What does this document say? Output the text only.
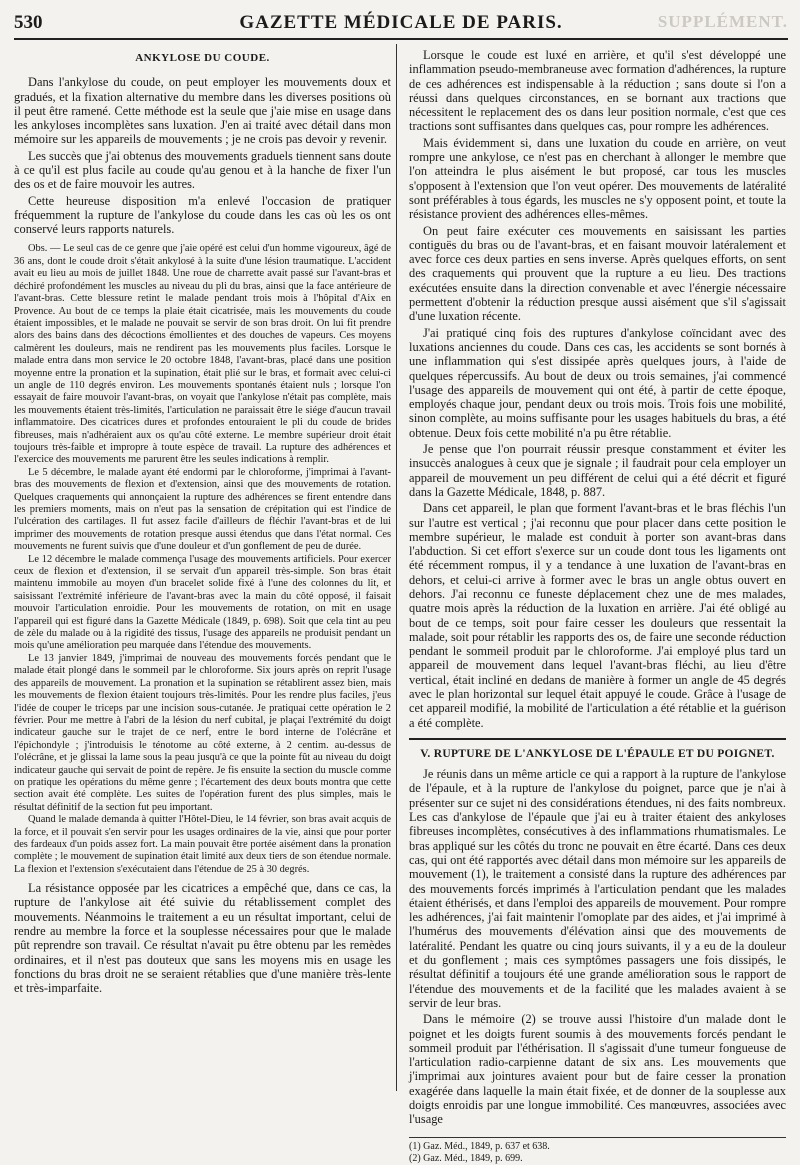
530	GAZETTE MÉDICALE DE PARIS.	SUPPLÉMENT.
ANKYLOSE DU COUDE.

Dans l'ankylose du coude, on peut employer les mouvements doux et gradués, et la fixation alternative du membre dans les diverses positions où il peut être ramené. Cette méthode est la seule que j'aie mise en usage dans les ankyloses incomplètes sans luxation. J'en ai traité avec détail dans mon mémoire sur les appareils de mouvements ; je ne crois pas devoir y revenir.

Les succès que j'ai obtenus des mouvements graduels tiennent sans doute à ce qu'il est plus facile au coude qu'au genou et à la hanche de fixer l'un des os et de faire mouvoir les autres.

Cette heureuse disposition m'a enlevé l'occasion de pratiquer fréquemment la rupture de l'ankylose du coude dans les cas où les os ont conservé leurs rapports naturels.

Obs. — Le seul cas de ce genre que j'aie opéré est celui d'un homme vigoureux, âgé de 36 ans, dont le coude droit s'était ankylosé à la suite d'une lésion traumatique. L'accident avait eu lieu au mois de juillet 1848. Une roue de charrette avait passé sur l'avant-bras et déchiré profondément les muscles au niveau du pli du bras, ainsi que la face antérieure de l'avant-bras. Cette blessure retint le malade pendant trois mois à l'hôpital d'Aix en Provence. Au bout de ce temps la plaie était cicatrisée, mais les mouvements du coude étaient impossibles, et le malade ne pouvait se servir de son bras droit. On lui fit prendre alors des bains dans des décoctions émollientes et des douches de vapeurs. Ces moyens calmèrent les douleurs, mais ne rendirent pas les mouvements plus faciles. Lorsque le malade entra dans mon service le 20 octobre 1848, l'avant-bras, placé dans une position moyenne entre la pronation et la supination, était plié sur le bras, et formait avec celui-ci un angle de 110 degrés environ. Les mouvements spontanés étaient nuls ; lorsque l'on essayait de faire mouvoir l'avant-bras, on voyait que l'ankylose n'était pas complète, mais les mouvements étaient très-limités, l'articulation ne paraissait être le siége d'aucun travail inflammatoire. Des cicatrices dures et profondes entouraient le pli du coude de brides fibreuses, mais n'adhéraient aux os qu'au côté externe. Le membre supérieur droit était toujours très-faible et impropre à toute espèce de travail. La rupture des adhérences et l'exercice des mouvements me parurent être les seules indications à remplir.

Le 5 décembre, le malade ayant été endormi par le chloroforme, j'imprimai à l'avant-bras des mouvements de flexion et d'extension, ainsi que des mouvements de rotation. Quelques craquements qui annonçaient la rupture des adhérences se firent entendre dans les premiers moments, mais on n'eut pas la sensation de crépitation qui est l'indice de l'ulcération des cartilages. Il fut assez facile d'ailleurs de fléchir l'avant-bras et de lui imprimer des mouvements de rotation presque aussi étendus que dans l'état normal. Ces mouvements ne furent suivis que d'une douleur et d'un gonflement de peu de durée.

Le 12 décembre le malade commença l'usage des mouvements artificiels. Pour exercer ceux de flexion et d'extension, il se servait d'un appareil très-simple. Son bras était maintenu immobile au moyen d'un bracelet solide fixé à l'une des colonnes du lit, et saisissant l'extrémité inférieure de l'avant-bras avec la main du côté opposé, il faisait mouvoir l'articulation enroidie. Pour les mouvements de rotation, on mit en usage l'appareil qui est figuré dans la Gazette Médicale (1849, p. 698). Soit que cela tint au peu de zèle du malade ou à la rigidité des tissus, l'usage des appareils ne produisit pendant un mois qu'une amélioration peu marquée dans l'étendue des mouvements.

Le 13 janvier 1849, j'imprimai de nouveau des mouvements forcés pendant que le malade était plongé dans le sommeil par le chloroforme. Six jours après on reprit l'usage des appareils de mouvement. La pronation et la supination se rétablirent assez bien, mais les mouvements de flexion étaient toujours très-limités. Pour les rendre plus faciles, j'eus l'idée de couper le triceps par une incision sous-cutanée. Je pratiquai cette opération le 2 février. Pour me mettre à l'abri de la lésion du nerf cubital, je plaçai l'extrémité du doigt indicateur gauche sur le trajet de ce nerf, entre le bord interne de l'olécrâne et l'épichondyle ; j'introduisis le ténotome au côté externe, à 2 centim. au-dessus de l'olécrâne, et je glissai la lame sous la peau jusqu'à ce que la pointe fût au niveau du doigt indicateur gauche qui servait de point de repère. Je fis ensuite la section du muscle comme on pratique les opérations du même genre ; l'écartement des deux bouts montra que cette section avait été complète. Les suites de l'opération furent des plus simples, mais le résultat définitif de la section fut peu important.

Quand le malade demanda à quitter l'Hôtel-Dieu, le 14 février, son bras avait acquis de la force, et il pouvait s'en servir pour les usages ordinaires de la vie, ainsi que pour porter des fardeaux d'un poids assez fort. La main pouvait être portée aisément dans la pronation complète ; le mouvement de supination était limité aux deux tiers de son étendue normale. La flexion et l'extension s'exécutaient dans l'étendue de 25 à 30 degrés.

La résistance opposée par les cicatrices a empêché que, dans ce cas, la rupture de l'ankylose ait été suivie du rétablissement complet des mouvements. Néanmoins le traitement a eu un résultat important, celui de rendre au membre la force et la souplesse nécessaires pour que le malade pût reprendre son travail. Ce résultat n'avait pu être obtenu par les remèdes ordinaires, et il n'est pas douteux que sans les moyens mis en usage les fonctions du bras droit ne se seraient rétablies que d'une manière très-lente et très-imparfaite.

Lorsque le coude est luxé en arrière, et qu'il s'est développé une inflammation pseudo-membraneuse avec formation d'adhérences, la rupture de ces adhérences est indispensable à la réduction ; sans doute si l'on a réussi dans quelques circonstances, en se bornant aux tractions que nécessitent le replacement des os dans leur position normale, c'est que ces tractions sont suffisantes dans quelques cas, pour rompre les adhérences.

Mais évidemment si, dans une luxation du coude en arrière, on veut rompre une ankylose, ce n'est pas en cherchant à allonger le membre que l'on atteindra le plus aisément le but proposé, car tous les muscles s'opposent à l'extension que l'on veut opérer. Des mouvements de latéralité sont préférables à tous égards, les muscles ne s'y opposent point, et toute la résistance provient des adhérences elles-mêmes.

On peut faire exécuter ces mouvements en saisissant les parties contiguës du bras ou de l'avant-bras, et en faisant mouvoir latéralement et avec force ces deux parties en sens inverse. Après quelques efforts, on sent des craquements qui prouvent que la rupture a eu lieu. Des tractions exécutées ensuite dans la direction convenable et avec l'énergie nécessaire permettent d'obtenir la réduction presque aussi aisément que s'il s'agissait d'une luxation récente.

J'ai pratiqué cinq fois des ruptures d'ankylose coïncidant avec des luxations anciennes du coude. Dans ces cas, les accidents se sont bornés à une inflammation qui s'est dissipée après quelques jours, à l'aide de quelques répercussifs. Au bout de deux ou trois semaines, j'ai commencé l'usage des appareils de mouvement qui ont été, à partir de cette époque, employés chaque jour, pendant deux ou trois mois. Trois fois une mobilité, sinon complète, au moins suffisante pour les usages habituels du bras, a été obtenue. Deux fois cette mobilité n'a pu être rétablie.

Je pense que l'on pourrait réussir presque constamment et éviter les insuccès analogues à ceux que je signale ; il faudrait pour cela employer un appareil de mouvement un peu différent de celui qui a été décrit et figuré dans la Gazette Médicale, 1848, p. 887.

Dans cet appareil, le plan que forment l'avant-bras et le bras fléchis l'un sur l'autre est vertical ; j'ai reconnu que pour placer dans cette position le membre supérieur, le malade est conduit à porter son avant-bras dans l'abduction. Si cet effort s'exerce sur un coude dont tous les ligaments ont été récemment rompus, il y a tendance à une luxation de l'avant-bras en dehors, et celui-ci arrive à former avec le bras un angle obtus ouvert en dehors. J'ai reconnu ce funeste déplacement chez une de mes malades, quatre mois après la réduction de la luxation en arrière. J'ai été obligé au bout de ce temps, soit pour faire cesser les douleurs que ressentait la malade, soit pour rétablir les rapports des os, de faire une seconde réduction pendant le sommeil produit par le chloroforme. J'ai employé plus tard un appareil de mouvement dans lequel l'avant-bras fléchi, au lieu d'être vertical, était incliné en dedans de manière à former un angle de 45 degrés avec le plan horizontal sur lequel était appuyé le coude. Grâce à l'usage de cet appareil modifié, la mobilité de l'articulation a été rétablie et la guérison a été complète.

V. RUPTURE DE L'ANKYLOSE DE L'ÉPAULE ET DU POIGNET.

Je réunis dans un même article ce qui a rapport à la rupture de l'ankylose de l'épaule, et à la rupture de l'ankylose du poignet, parce que je n'ai à présenter sur ce sujet ni des considérations étendues, ni des faits nombreux. Les cas d'ankylose de l'épaule que j'ai eu à traiter étaient des ankyloses fibreuses incomplètes, consécutives à des inflammations rhumatismales. Le bras appliqué sur les côtés du tronc ne pouvait en être écarté. Dans ces deux cas, qui ont été rapportés avec détail dans mon mémoire sur les appareils de mouvement (1), le traitement a consisté dans la rupture des adhérences par des mouvements forcés imprimés à l'articulation pendant que les malades étaient éthérisés, et dans l'emploi des appareils de mouvement. Pour rompre les adhérences, j'ai fait maintenir l'omoplate par des aides, et j'ai imprimé à l'humérus des mouvements d'élévation ainsi que des mouvements de latéralité. Pendant les quatre ou cinq jours suivants, il y a eu de la douleur et du gonflement ; mais ces symptômes passagers une fois dissipés, le résultat définitif a toujours été une grande amélioration sous le rapport de l'étendue des mouvements et de la facilité que les malades avaient à se servir de leur bras.

Dans le mémoire (2) se trouve aussi l'histoire d'un malade dont le poignet et les doigts furent soumis à des mouvements forcés pendant le sommeil produit par l'éthérisation. Il s'agissait d'une tumeur fongueuse de l'articulation radio-carpienne datant de six ans. Les mouvements que j'imprimai aux jointures avaient pour but de faire cesser la pronation exagérée dans laquelle la main était fixée, et de donner de la souplesse aux doigts enroidis par une longue immobilité. Ces manœuvres, associées avec l'usage

(1) Gaz. Méd., 1849, p. 637 et 638.
(2) Gaz. Méd., 1849, p. 699.
